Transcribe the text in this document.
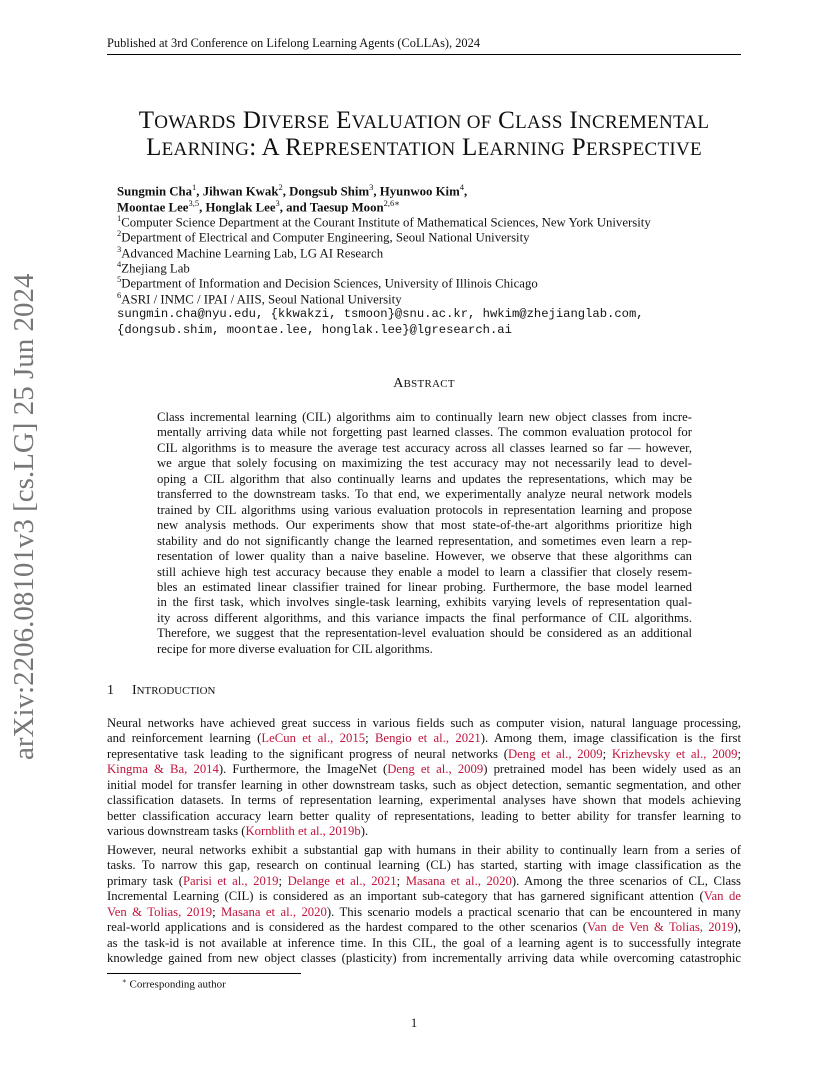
Published at 3rd Conference on Lifelong Learning Agents (CoLLAs), 2024
arXiv:2206.08101v3 [cs.LG] 25 Jun 2024
TOWARDS DIVERSE EVALUATION OF CLASS INCREMENTAL
LEARNING: A REPRESENTATION LEARNING PERSPECTIVE
Sungmin Cha$^1$, Jihwan Kwak$^2$, Dongsub Shim$^3$, Hyunwoo Kim$^4$,
Moontae Lee$^{3,5}$, Honglak Lee$^3$, and Taesup Moon$^{2,6∗}$
$^1$Computer Science Department at the Courant Institute of Mathematical Sciences, New York University
$^2$Department of Electrical and Computer Engineering, Seoul National University
$^3$Advanced Machine Learning Lab, LG AI Research
$^4$Zhejiang Lab
$^5$Department of Information and Decision Sciences, University of Illinois Chicago
$^6$ASRI / INMC / IPAI / AIIS, Seoul National University
sungmin.cha@nyu.edu, {kkwakzi, tsmoon}@snu.ac.kr, hwkim@zhejianglab.com,
{dongsub.shim, moontae.lee, honglak.lee}@lgresearch.ai
ABSTRACT
Class incremental learning (CIL) algorithms aim to continually learn new object classes from incre-
mentally arriving data while not forgetting past learned classes. The common evaluation protocol for
CIL algorithms is to measure the average test accuracy across all classes learned so far — however,
we argue that solely focusing on maximizing the test accuracy may not necessarily lead to devel-
oping a CIL algorithm that also continually learns and updates the representations, which may be
transferred to the downstream tasks. To that end, we experimentally analyze neural network models
trained by CIL algorithms using various evaluation protocols in representation learning and propose
new analysis methods. Our experiments show that most state-of-the-art algorithms prioritize high
stability and do not significantly change the learned representation, and sometimes even learn a rep-
resentation of lower quality than a naive baseline. However, we observe that these algorithms can
still achieve high test accuracy because they enable a model to learn a classifier that closely resem-
bles an estimated linear classifier trained for linear probing. Furthermore, the base model learned
in the first task, which involves single-task learning, exhibits varying levels of representation qual-
ity across different algorithms, and this variance impacts the final performance of CIL algorithms.
Therefore, we suggest that the representation-level evaluation should be considered as an additional
recipe for more diverse evaluation for CIL algorithms.
1 INTRODUCTION
Neural networks have achieved great success in various fields such as computer vision, natural language processing,
and reinforcement learning (LeCun et al., 2015; Bengio et al., 2021). Among them, image classification is the first
representative task leading to the significant progress of neural networks (Deng et al., 2009; Krizhevsky et al., 2009;
Kingma & Ba, 2014). Furthermore, the ImageNet (Deng et al., 2009) pretrained model has been widely used as an
initial model for transfer learning in other downstream tasks, such as object detection, semantic segmentation, and other
classification datasets. In terms of representation learning, experimental analyses have shown that models achieving
better classification accuracy learn better quality of representations, leading to better ability for transfer learning to
various downstream tasks (Kornblith et al., 2019b).
However, neural networks exhibit a substantial gap with humans in their ability to continually learn from a series of
tasks. To narrow this gap, research on continual learning (CL) has started, starting with image classification as the
primary task (Parisi et al., 2019; Delange et al., 2021; Masana et al., 2020). Among the three scenarios of CL, Class
Incremental Learning (CIL) is considered as an important sub-category that has garnered significant attention (Van de
Ven & Tolias, 2019; Masana et al., 2020). This scenario models a practical scenario that can be encountered in many
real-world applications and is considered as the hardest compared to the other scenarios (Van de Ven & Tolias, 2019),
as the task-id is not available at inference time. In this CIL, the goal of a learning agent is to successfully integrate
knowledge gained from new object classes (plasticity) from incrementally arriving data while overcoming catastrophic
∗ Corresponding author
1
